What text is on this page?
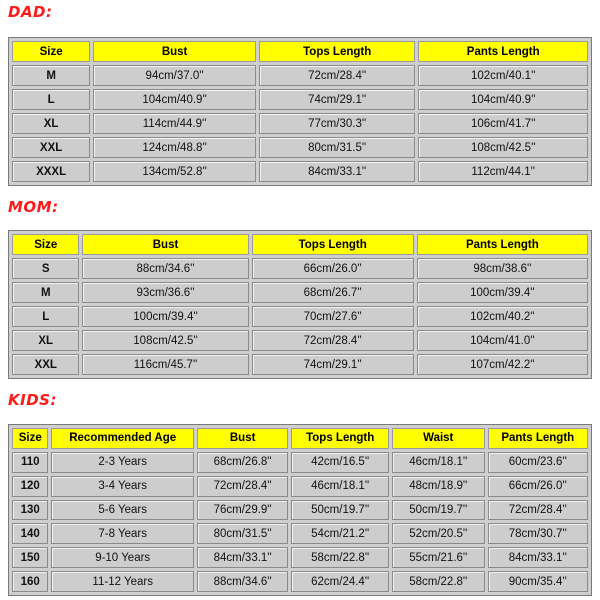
DAD:
Size	Bust	Tops Length	Pants Length
M	94cm/37.0''	72cm/28.4''	102cm/40.1''
L	104cm/40.9''	74cm/29.1''	104cm/40.9''
XL	114cm/44.9''	77cm/30.3''	106cm/41.7''
XXL	124cm/48.8''	80cm/31.5''	108cm/42.5''
XXXL	134cm/52.8''	84cm/33.1''	112cm/44.1''
MOM:
Size	Bust	Tops Length	Pants Length
S	88cm/34.6''	66cm/26.0''	98cm/38.6''
M	93cm/36.6''	68cm/26.7''	100cm/39.4''
L	100cm/39.4''	70cm/27.6''	102cm/40.2''
XL	108cm/42.5''	72cm/28.4''	104cm/41.0''
XXL	116cm/45.7''	74cm/29.1''	107cm/42.2''
KIDS:
Size	Recommended Age	Bust	Tops Length	Waist	Pants Length
110	2-3 Years	68cm/26.8''	42cm/16.5''	46cm/18.1''	60cm/23.6''
120	3-4 Years	72cm/28.4''	46cm/18.1''	48cm/18.9''	66cm/26.0''
130	5-6 Years	76cm/29.9''	50cm/19.7''	50cm/19.7''	72cm/28.4''
140	7-8 Years	80cm/31.5''	54cm/21.2''	52cm/20.5''	78cm/30.7''
150	9-10 Years	84cm/33.1''	58cm/22.8''	55cm/21.6''	84cm/33.1''
160	11-12 Years	88cm/34.6''	62cm/24.4''	58cm/22.8''	90cm/35.4''
